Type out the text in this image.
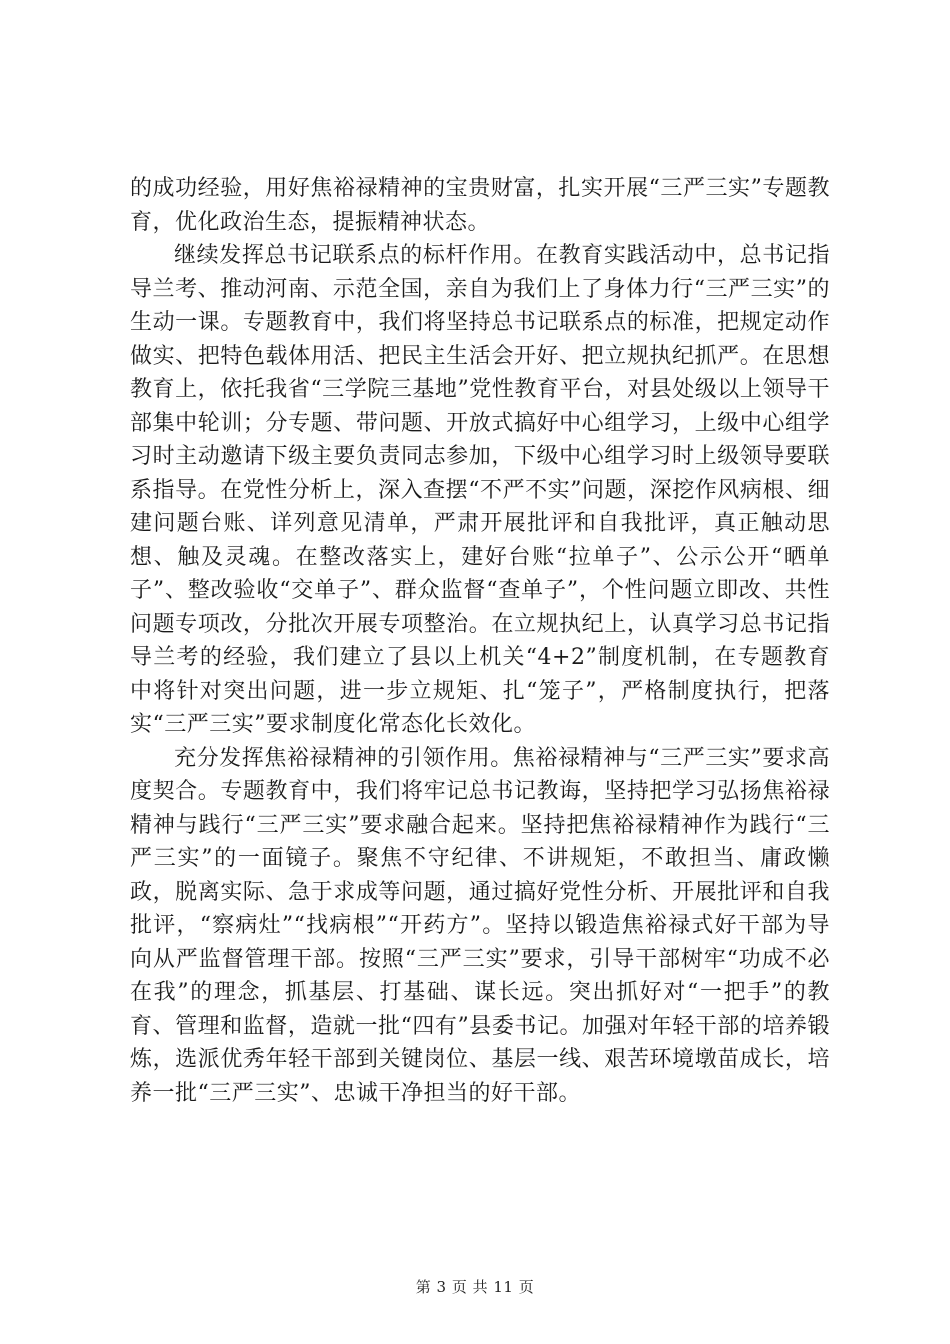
的成功经验，用好焦裕禄精神的宝贵财富，扎实开展“三严三实”专题教育，优化政治生态，提振精神状态。

继续发挥总书记联系点的标杆作用。在教育实践活动中，总书记指导兰考、推动河南、示范全国，亲自为我们上了身体力行“三严三实”的生动一课。专题教育中，我们将坚持总书记联系点的标准，把规定动作做实、把特色载体用活、把民主生活会开好、把立规执纪抓严。在思想教育上，依托我省“三学院三基地”党性教育平台，对县处级以上领导干部集中轮训；分专题、带问题、开放式搞好中心组学习，上级中心组学习时主动邀请下级主要负责同志参加，下级中心组学习时上级领导要联系指导。在党性分析上，深入查摆“不严不实”问题，深挖作风病根、细建问题台账、详列意见清单，严肃开展批评和自我批评，真正触动思想、触及灵魂。在整改落实上，建好台账“拉单子”、公示公开“晒单子”、整改验收“交单子”、群众监督“查单子”，个性问题立即改、共性问题专项改，分批次开展专项整治。在立规执纪上，认真学习总书记指导兰考的经验，我们建立了县以上机关“4+2”制度机制，在专题教育中将针对突出问题，进一步立规矩、扎“笼子”，严格制度执行，把落实“三严三实”要求制度化常态化长效化。

充分发挥焦裕禄精神的引领作用。焦裕禄精神与“三严三实”要求高度契合。专题教育中，我们将牢记总书记教诲，坚持把学习弘扬焦裕禄精神与践行“三严三实”要求融合起来。坚持把焦裕禄精神作为践行“三严三实”的一面镜子。聚焦不守纪律、不讲规矩，不敢担当、庸政懒政，脱离实际、急于求成等问题，通过搞好党性分析、开展批评和自我批评，“察病灶”“找病根”“开药方”。坚持以锻造焦裕禄式好干部为导向从严监督管理干部。按照“三严三实”要求，引导干部树牢“功成不必在我”的理念，抓基层、打基础、谋长远。突出抓好对“一把手”的教育、管理和监督，造就一批“四有”县委书记。加强对年轻干部的培养锻炼，选派优秀年轻干部到关键岗位、基层一线、艰苦环境墩苗成长，培养一批“三严三实”、忠诚干净担当的好干部。

第 3 页 共 11 页
